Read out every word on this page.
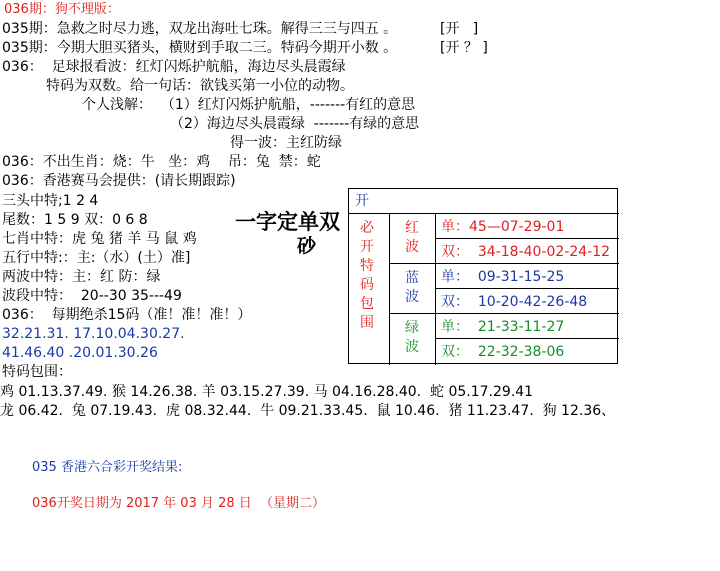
036期：狗不理版：
035期：急救之时尽力逃，双龙出海吐七珠。解得三三与四五 。	[开   ]
035期：今期大胆买猪头，横财到手取二三。特码今期开小数 。	[开 ？ ]
036：  足球报看波：红灯闪烁护航船，海边尽头晨霞绿
特码为双数。给一句话：欲钱买第一小位的动物。
个人浅解：  （1）红灯闪烁护航船，-------有红的意思
（2）海边尽头晨霞绿  -------有绿的意思
得一波：主红防绿
036：不出生肖：烧：牛   坐：鸡    吊：兔  禁：蛇
036：香港赛马会提供：(请长期跟踪)
三头中特;1 2 4
尾数：1 5 9 双：0 6 8
七肖中特：虎 兔 猪 羊 马 鼠 鸡
五行中特:：主:（水）(土）准]
两波中特：主：红 防：绿
波段中特：  20--30 35---49
036：  每期绝杀15码（准！准！准！）
32.21.31. 17.10.04.30.27.
41.46.40 .20.01.30.26
特码包围：
鸡 01.13.37.49. 猴 14.26.38. 羊 03.15.27.39. 马 04.16.28.40.  蛇 05.17.29.41
龙 06.42.  兔 07.19.43.  虎 08.32.44.  牛 09.21.33.45.  鼠 10.46.  猪 11.23.47.  狗 12.36、
035 香港六合彩开奖结果:
036开奖日期为 2017 年 03 月 28 日  （星期二）
一字定单双
砂
开
必开特码包围
红波
蓝波
绿波
单：45—07-29-01
双：  34-18-40-02-24-12
单：  09-31-15-25
双：  10-20-42-26-48
单：  21-33-11-27
双：  22-32-38-06
